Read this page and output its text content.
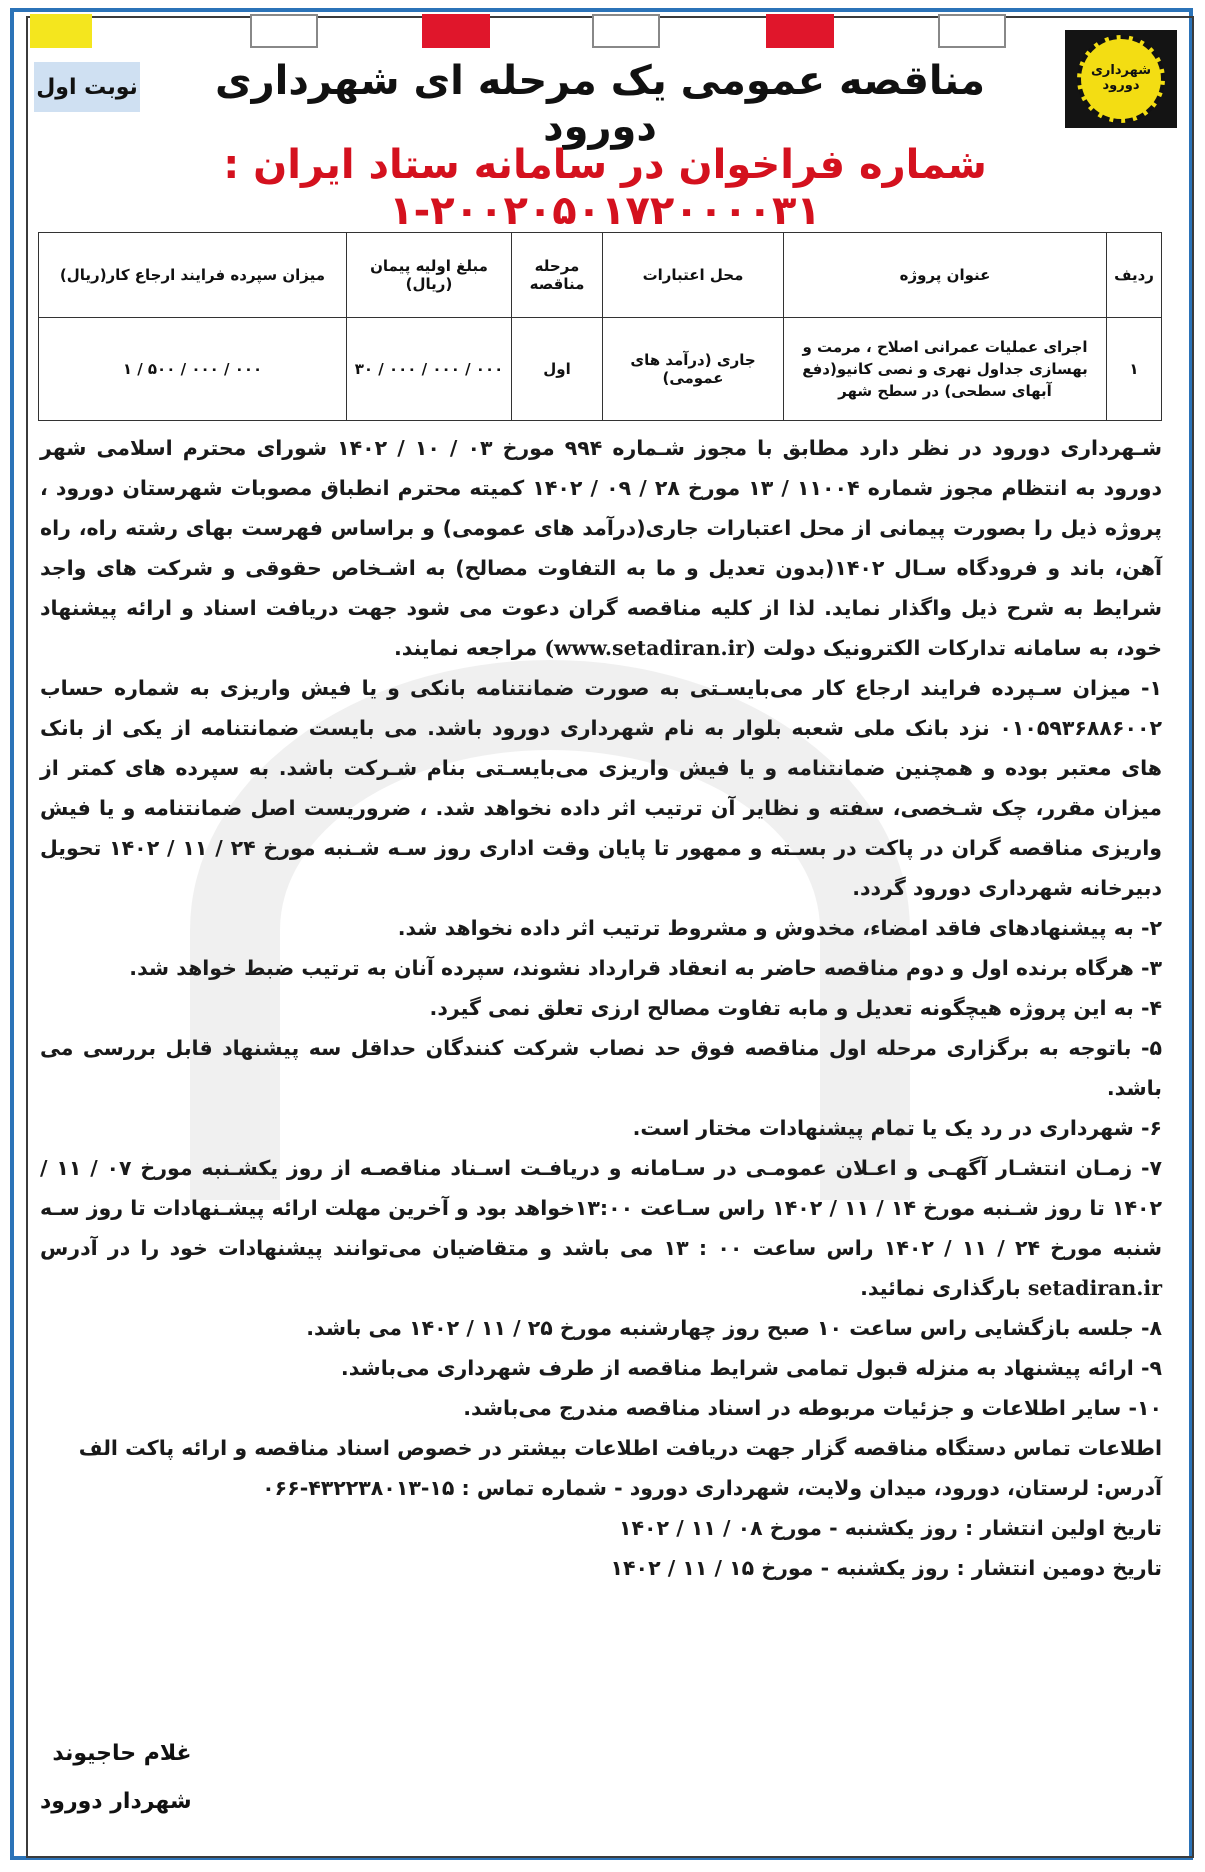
شهرداری
دورود
نوبت اول	مناقصه عمومی یک مرحله ای شهرداری دورود
شماره فراخوان در سامانه ستاد ایران : ۲۰۰۲۰۵۰۱۷۲۰۰۰۰۳۱-۱
ردیف	عنوان پروژه	محل اعتبارات	مرحله مناقصه	مبلغ اولیه پیمان (ریال)	میزان سپرده فرایند ارجاع کار(ریال)
۱	اجرای عملیات عمرانی اصلاح ، مرمت و بهسازی جداول نهری و نصی کانیو(دفع آبهای سطحی) در سطح شهر	جاری (درآمد های عمومی)	اول	۰۰۰ / ۰۰۰ / ۰۰۰ / ۳۰	۰۰۰ / ۰۰۰ / ۵۰۰ / ۱

شـهرداری دورود در نظر دارد مطابق با مجوز شـماره ۹۹۴ مورخ ۰۳ / ۱۰ / ۱۴۰۲ شورای محترم اسلامی شهر دورود به انتظام مجوز شماره ۱۱۰۰۴ / ۱۳ مورخ ۲۸ / ۰۹ / ۱۴۰۲ کمیته محترم انطباق مصوبات شهرستان دورود ، پروژه ذیل را بصورت پیمانی از محل اعتبارات جاری(درآمد های عمومی) و براساس فهرست بهای رشته راه، راه آهن، باند و فرودگاه سـال ۱۴۰۲(بدون تعدیل و ما به التفاوت مصالح) به اشـخاص حقوقی و شرکت های واجد شرایط به شرح ذیل واگذار نماید. لذا از کلیه مناقصه گران دعوت می شود جهت دریافت اسناد و ارائه پیشنهاد خود، به سامانه تدارکات الکترونیک دولت (www.setadiran.ir) مراجعه نمایند.

۱- میزان سـپرده فرایند ارجاع کار می‌بایسـتی به صورت ضمانتنامه بانکی و یا فیش واریزی به شماره حساب ۰۱۰۵۹۳۶۸۸۶۰۰۲ نزد بانک ملی شعبه بلوار به نام شهرداری دورود باشد. می بایست ضمانتنامه از یکی از بانک های معتبر بوده و همچنین ضمانتنامه و یا فیش واریزی می‌بایسـتی بنام شـرکت باشد. به سپرده های کمتر از میزان مقرر، چک شـخصی، سفته و نظایر آن ترتیب اثر داده نخواهد شد. ، ضروریست اصل ضمانتنامه و یا فیش واریزی مناقصه گران در پاکت در بسـته و ممهور تا پایان وقت اداری روز سـه شـنبه مورخ ۲۴ / ۱۱ / ۱۴۰۲ تحویل دبیرخانه شهرداری دورود گردد.

۲- به پیشنهادهای فاقد امضاء، مخدوش و مشروط ترتیب اثر داده نخواهد شد.

۳- هرگاه برنده اول و دوم مناقصه حاضر به انعقاد قرارداد نشوند، سپرده آنان به ترتیب ضبط خواهد شد.

۴- به این پروژه هیچگونه تعدیل و مابه تفاوت مصالح ارزی تعلق نمی گیرد.

۵- باتوجه به برگزاری مرحله اول مناقصه فوق حد نصاب شرکت کنندگان حداقل سه پیشنهاد قابل بررسی می باشد.

۶- شهرداری در رد یک یا تمام پیشنهادات مختار است.

۷- زمـان انتشـار آگهـی و اعـلان عمومـی در سـامانه و دریافـت اسـناد مناقصـه از روز یکشـنبه مورخ ۰۷ / ۱۱ / ۱۴۰۲ تا روز شـنبه مورخ ۱۴ / ۱۱ / ۱۴۰۲ راس سـاعت ۱۳:۰۰خواهد بود و آخرین مهلت ارائه پیشـنهادات تا روز سـه شنبه مورخ ۲۴ / ۱۱ / ۱۴۰۲ راس ساعت ۰۰ : ۱۳ می باشد و متقاضیان می‌توانند پیشنهادات خود را در آدرس setadiran.ir بارگذاری نمائید.

۸- جلسه بازگشایی راس ساعت ۱۰ صبح روز چهارشنبه مورخ ۲۵ / ۱۱ / ۱۴۰۲ می باشد.

۹- ارائه پیشنهاد به منزله قبول تمامی شرایط مناقصه از طرف شهرداری می‌باشد.

۱۰- سایر اطلاعات و جزئیات مربوطه در اسناد مناقصه مندرج می‌باشد.

اطلاعات تماس دستگاه مناقصه گزار جهت دریافت اطلاعات بیشتر در خصوص اسناد مناقصه و ارائه پاکت الف

آدرس: لرستان، دورود، میدان ولایت، شهرداری دورود - شماره تماس : ۱۵-۴۳۲۲۳۸۰۱۳-۰۶۶

تاریخ اولین انتشار : روز یکشنبه - مورخ ۰۸ / ۱۱ / ۱۴۰۲

تاریخ دومین انتشار : روز یکشنبه - مورخ ۱۵ / ۱۱ / ۱۴۰۲

غلام حاجیوند
شهردار دورود
